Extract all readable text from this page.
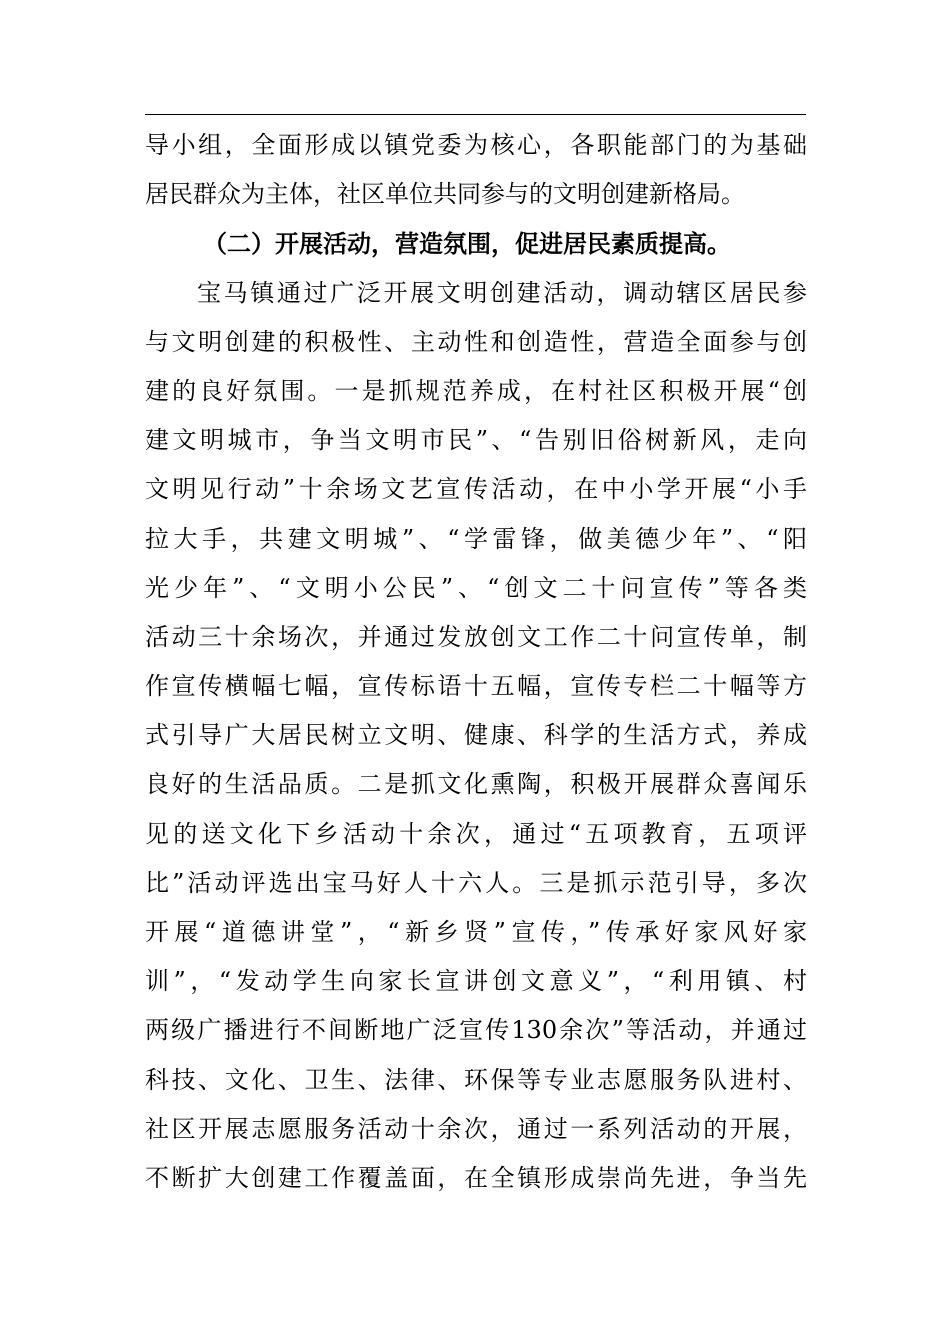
导小组，全面形成以镇党委为核心，各职能部门的为基础
居民群众为主体，社区单位共同参与的文明创建新格局。
（二）开展活动，营造氛围，促进居民素质提高。
宝马镇通过广泛开展文明创建活动，调动辖区居民参
与文明创建的积极性、主动性和创造性，营造全面参与创
建的良好氛围。一是抓规范养成，在村社区积极开展“创
建文明城市，争当文明市民”、“告别旧俗树新风，走向
文明见行动”十余场文艺宣传活动，在中小学开展“小手
拉大手，共建文明城”、“学雷锋，做美德少年”、“阳
光少年”、“文明小公民”、“创文二十问宣传”等各类
活动三十余场次，并通过发放创文工作二十问宣传单，制
作宣传横幅七幅，宣传标语十五幅，宣传专栏二十幅等方
式引导广大居民树立文明、健康、科学的生活方式，养成
良好的生活品质。二是抓文化熏陶，积极开展群众喜闻乐
见的送文化下乡活动十余次，通过“五项教育，五项评
比”活动评选出宝马好人十六人。三是抓示范引导，多次
开展“道德讲堂”，“新乡贤”宣传，”传承好家风好家
训”，“发动学生向家长宣讲创文意义”，“利用镇、村
两级广播进行不间断地广泛宣传130余次”等活动，并通过
科技、文化、卫生、法律、环保等专业志愿服务队进村、
社区开展志愿服务活动十余次，通过一系列活动的开展，
不断扩大创建工作覆盖面，在全镇形成崇尚先进，争当先
